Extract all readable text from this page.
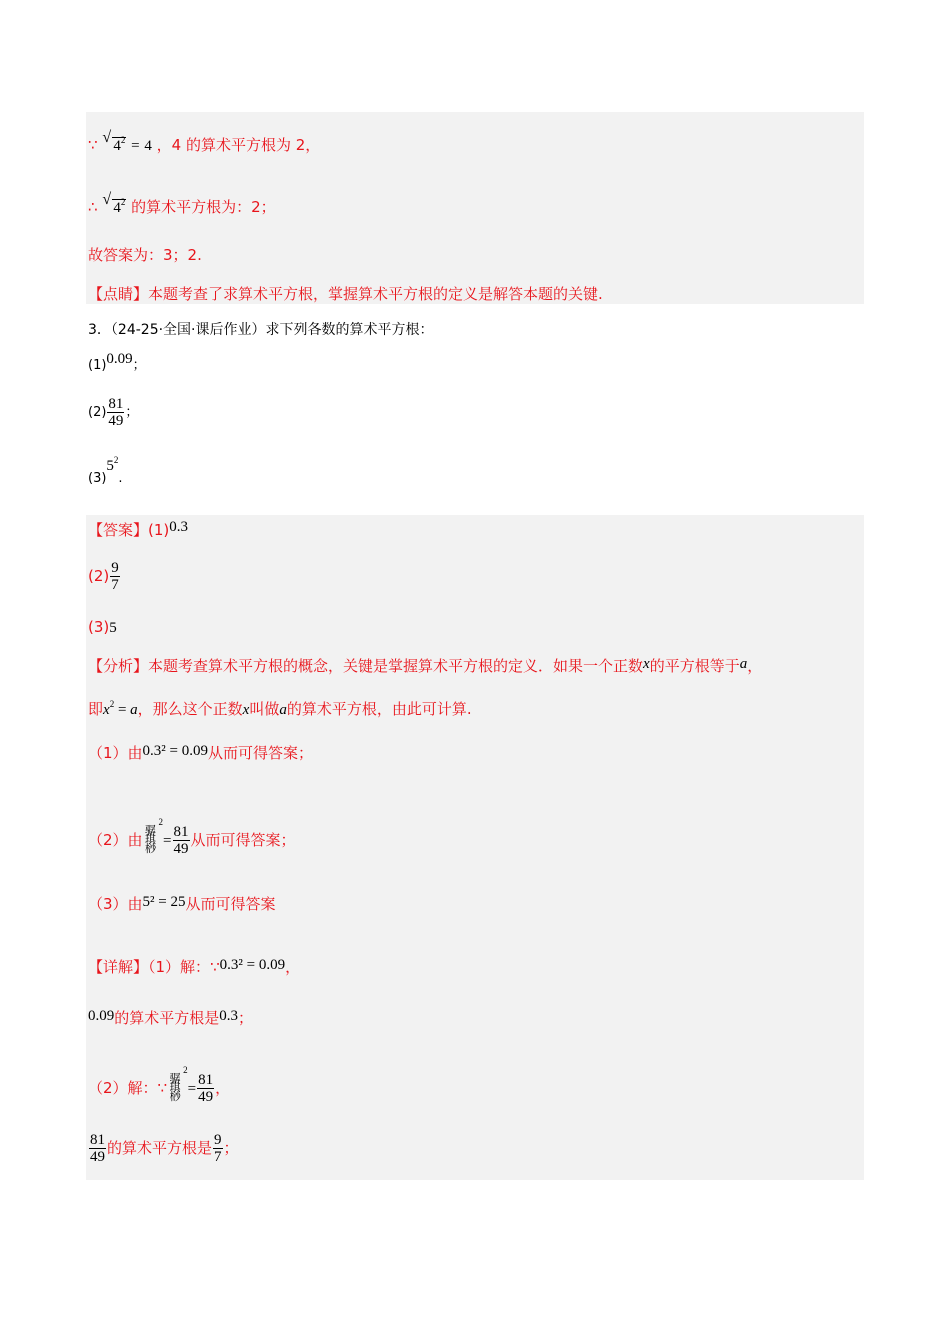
∵ √ $4^2 = 4$ ，4 的算术平方根为 2，
∴ √ $4^2$ 的算术平方根为：2；
故答案为：3；2.
【点睛】本题考查了求算术平方根，掌握算术平方根的定义是解答本题的关键.
3．（24-25·全国·课后作业）求下列各数的算术平方根：
(1)0.09；
$(2) \frac{81}{49}$ ；
$(3)5^2$.
【答案】(1)0.3
$(2) \frac{9}{7}$
(3)5
【分析】本题考查算术平方根的概念，关键是掌握算术平方根的定义．如果一个正数x的平方根等于a，
即$x^2 = a$，那么这个正数x叫做a的算术平方根，由此可计算.
（1）由0.3² = 0.09从而可得答案；
（2）由 骣琪桫$^2= \frac{81}{49}$ 从而可得答案；
（3）由5² = 25从而可得答案
【详解】（1）解：∵0.3² = 0.09，
0.09的算术平方根是0.3；
（2）解：∵ 骣琪桫$^2= \frac{81}{49}$ ，
$\frac{81}{49}$ 的算术平方根是 $\frac{9}{7}$ ；
